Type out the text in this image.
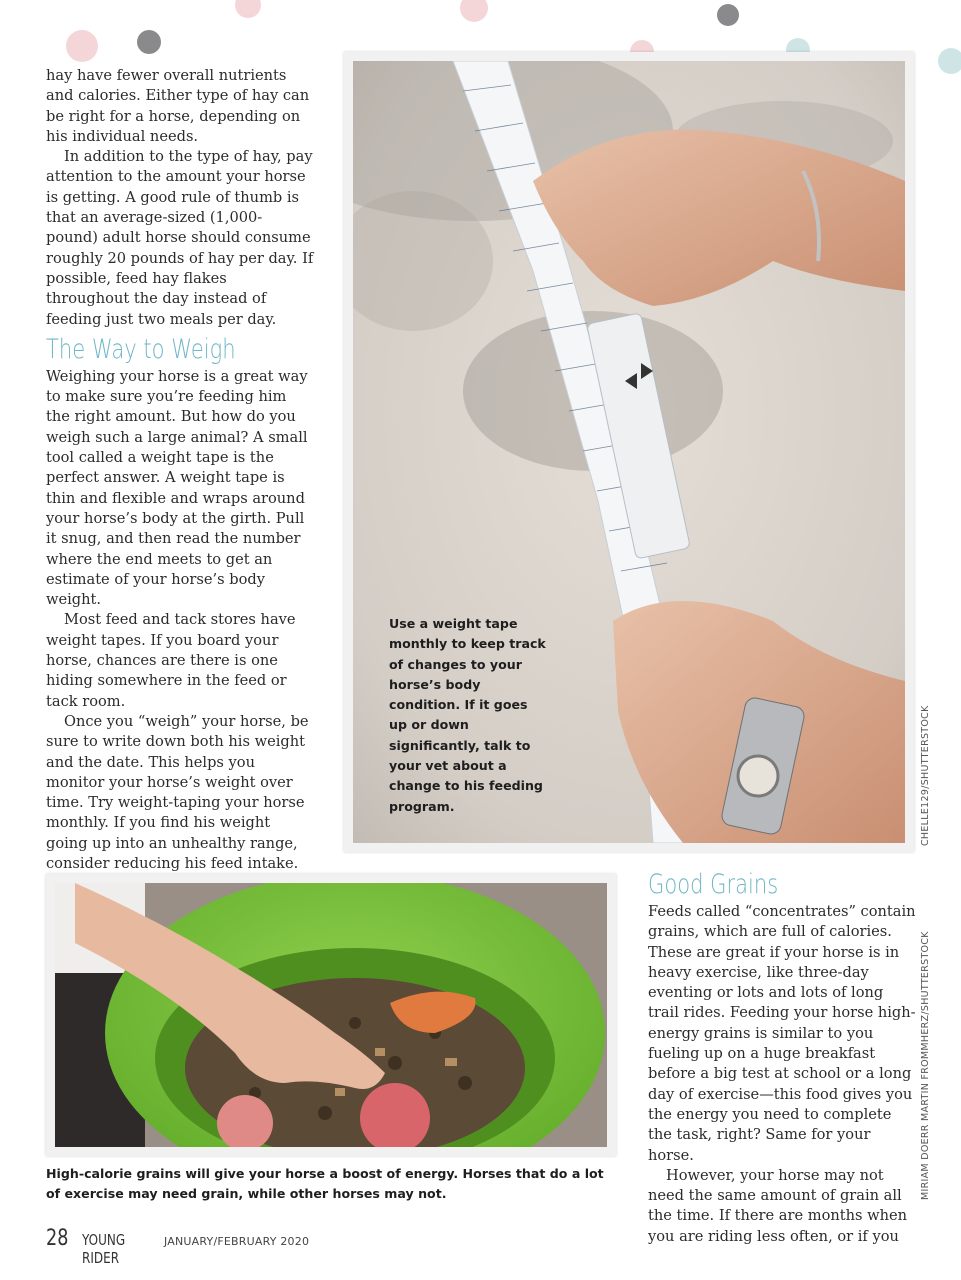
hay have fewer overall nutrients and calories. Either type of hay can be right for a horse, depending on his individual needs.

In addition to the type of hay, pay attention to the amount your horse is getting. A good rule of thumb is that an average-sized (1,000-pound) adult horse should consume roughly 20 pounds of hay per day. If possible, feed hay flakes throughout the day instead of feeding just two meals per day.

The Way to Weigh

Weighing your horse is a great way to make sure you’re feeding him the right amount. But how do you weigh such a large animal? A small tool called a weight tape is the perfect answer. A weight tape is thin and flexible and wraps around your horse’s body at the girth. Pull it snug, and then read the number where the end meets to get an estimate of your horse’s body weight.

Most feed and tack stores have weight tapes. If you board your horse, chances are there is one hiding somewhere in the feed or tack room.

Once you “weigh” your horse, be sure to write down both his weight and the date. This helps you monitor your horse’s weight over time. Try weight-taping your horse monthly. If you find his weight going up into an unhealthy range, consider reducing his feed intake.

Use a weight tape monthly to keep track of changes to your horse’s body condition. If it goes up or down significantly, talk to your vet about a change to his feeding program.	CHELLE129/SHUTTERSTOCK
High-calorie grains will give your horse a boost of energy. Horses that do a lot of exercise may need grain, while other horses may not.	MIRIAM DOERR MARTIN FROMMHERZ/SHUTTERSTOCK
Good Grains

Feeds called “concentrates” contain grains, which are full of calories. These are great if your horse is in heavy exercise, like three-day eventing or lots and lots of long trail rides. Feeding your horse high-energy grains is similar to you fueling up on a huge breakfast before a big test at school or a long day of exercise—this food gives you the energy you need to complete the task, right? Same for your horse.

However, your horse may not need the same amount of grain all the time. If there are months when you are riding less often, or if you

28 YOUNG RIDER
JANUARY/FEBRUARY 2020
